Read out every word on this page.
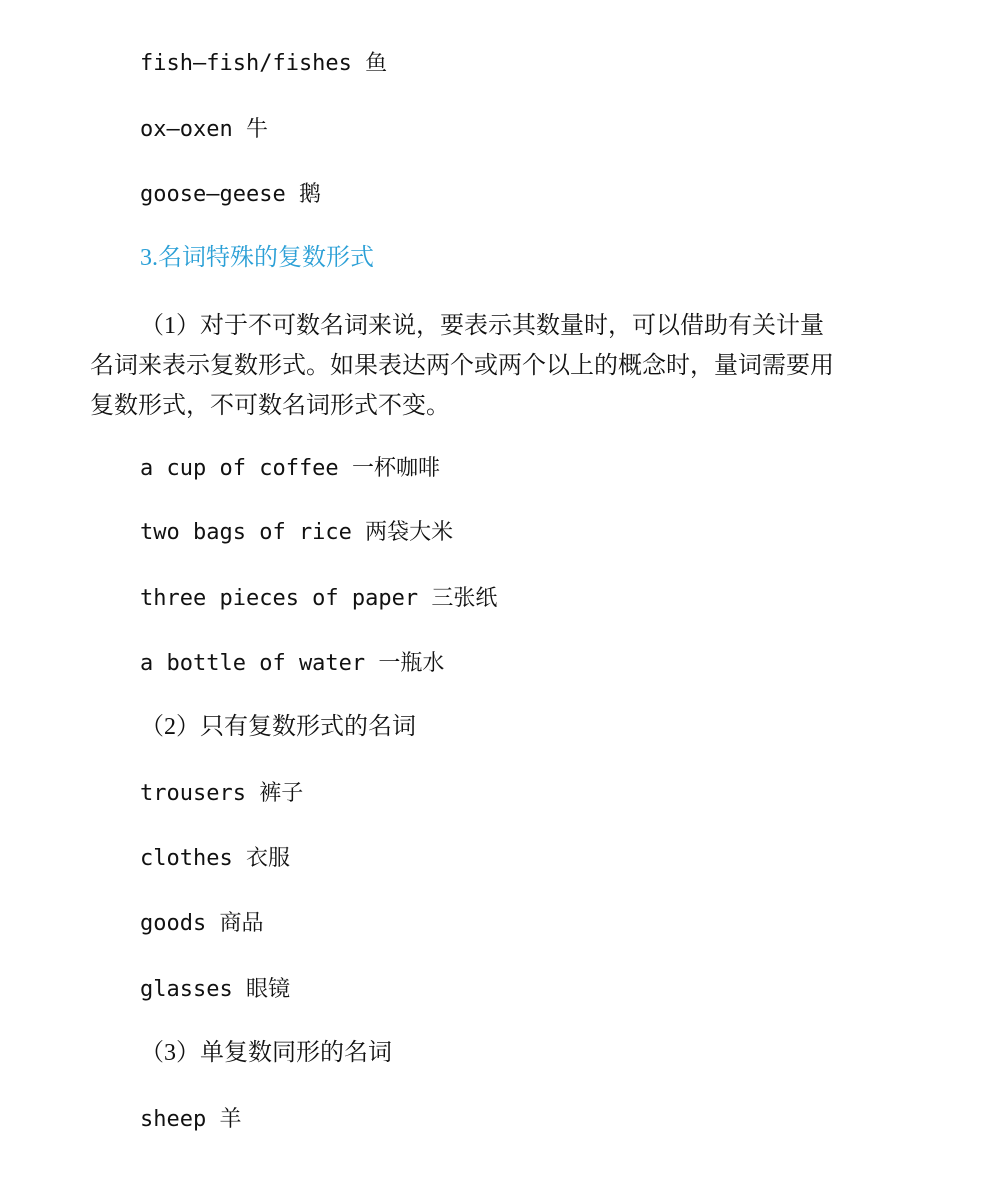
fish—fish/fishes 鱼
ox—oxen 牛
goose—geese 鹅
3.名词特殊的复数形式
（1）对于不可数名词来说，要表示其数量时，可以借助有关计量
名词来表示复数形式。如果表达两个或两个以上的概念时，量词需要用
复数形式，不可数名词形式不变。
a cup of coffee 一杯咖啡
two bags of rice 两袋大米
three pieces of paper 三张纸
a bottle of water 一瓶水
（2）只有复数形式的名词
trousers 裤子
clothes 衣服
goods 商品
glasses 眼镜
（3）单复数同形的名词
sheep 羊
